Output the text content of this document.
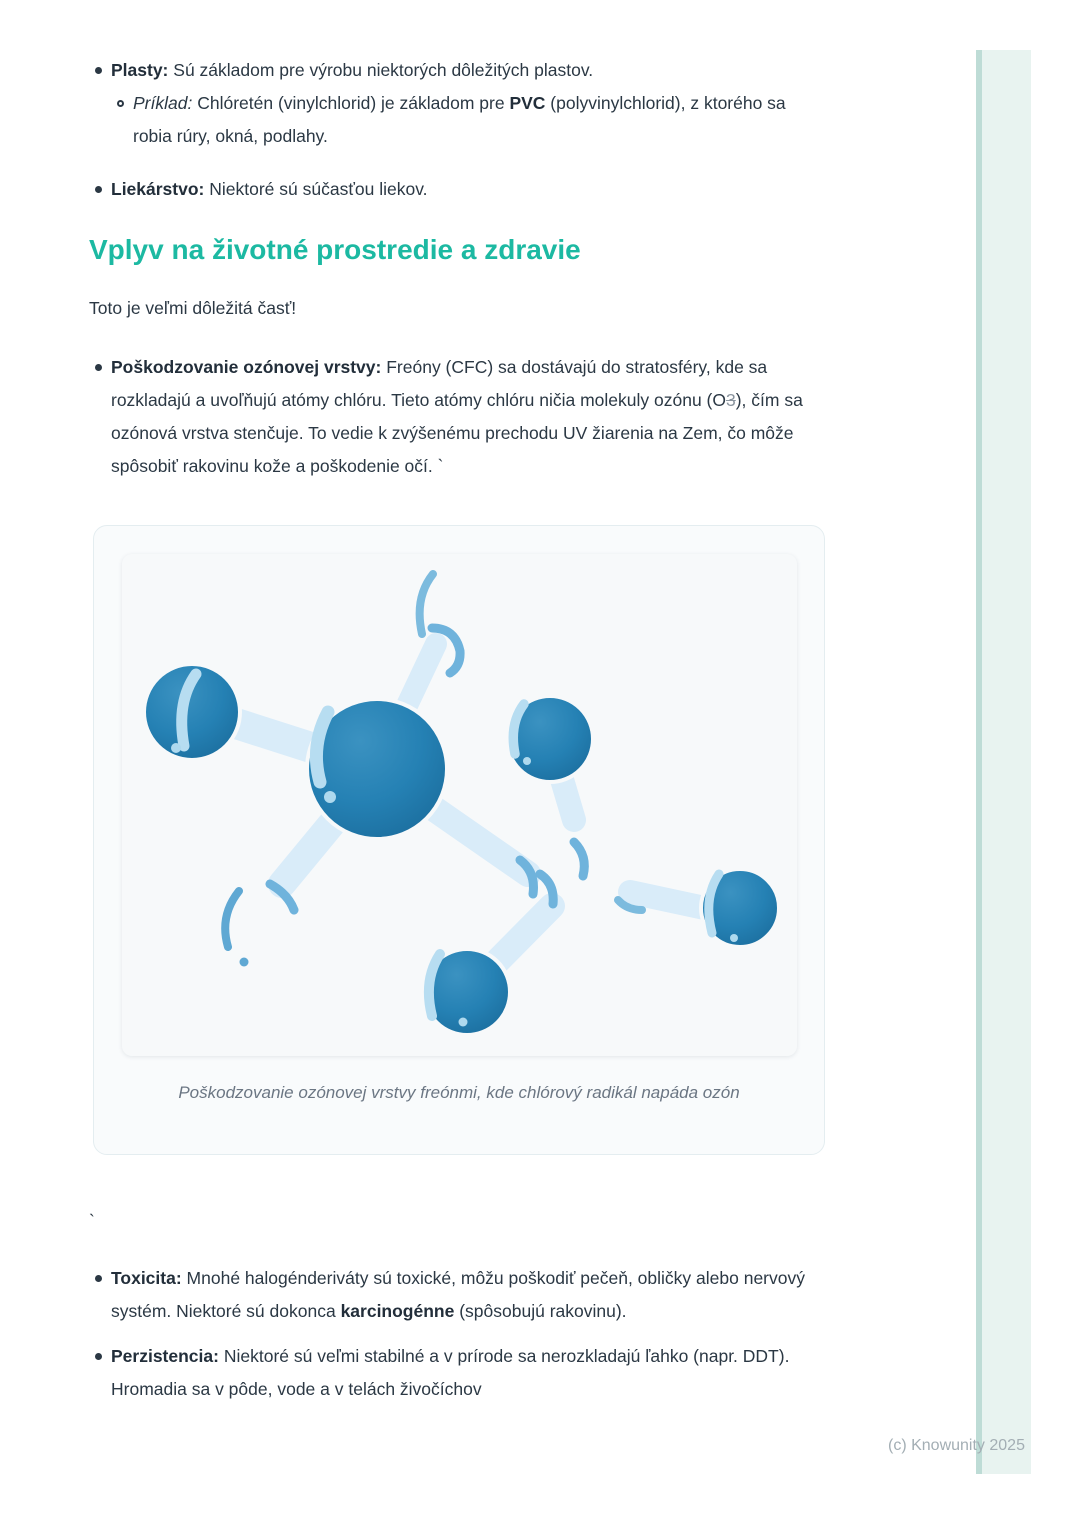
(c) Knowunity 2025

Plasty: Sú základom pre výrobu niektorých dôležitých plastov.

Príklad: Chlóretén (vinylchlorid) je základom pre PVC (polyvinylchlorid), z ktorého sa robia rúry, okná, podlahy.

Liekárstvo: Niektoré sú súčasťou liekov.

Vplyv na životné prostredie a zdravie

Toto je veľmi dôležitá časť!

Poškodzovanie ozónovej vrstvy: Freóny (CFC) sa dostávajú do stratosféry, kde sa rozkladajú a uvoľňujú atómy chlóru. Tieto atómy chlóru ničia molekuly ozónu (O3), čím sa ozónová vrstva stenčuje. To vedie k zvýšenému prechodu UV žiarenia na Zem, čo môže spôsobiť rakovinu kože a poškodenie očí. `

Poškodzovanie ozónovej vrstvy freónmi, kde chlórový radikál napáda ozón

`

Toxicita: Mnohé halogénderiváty sú toxické, môžu poškodiť pečeň, obličky alebo nervový systém. Niektoré sú dokonca karcinogénne (spôsobujú rakovinu).

Perzistencia: Niektoré sú veľmi stabilné a v prírode sa nerozkladajú ľahko (napr. DDT). Hromadia sa v pôde, vode a v telách živočíchov
